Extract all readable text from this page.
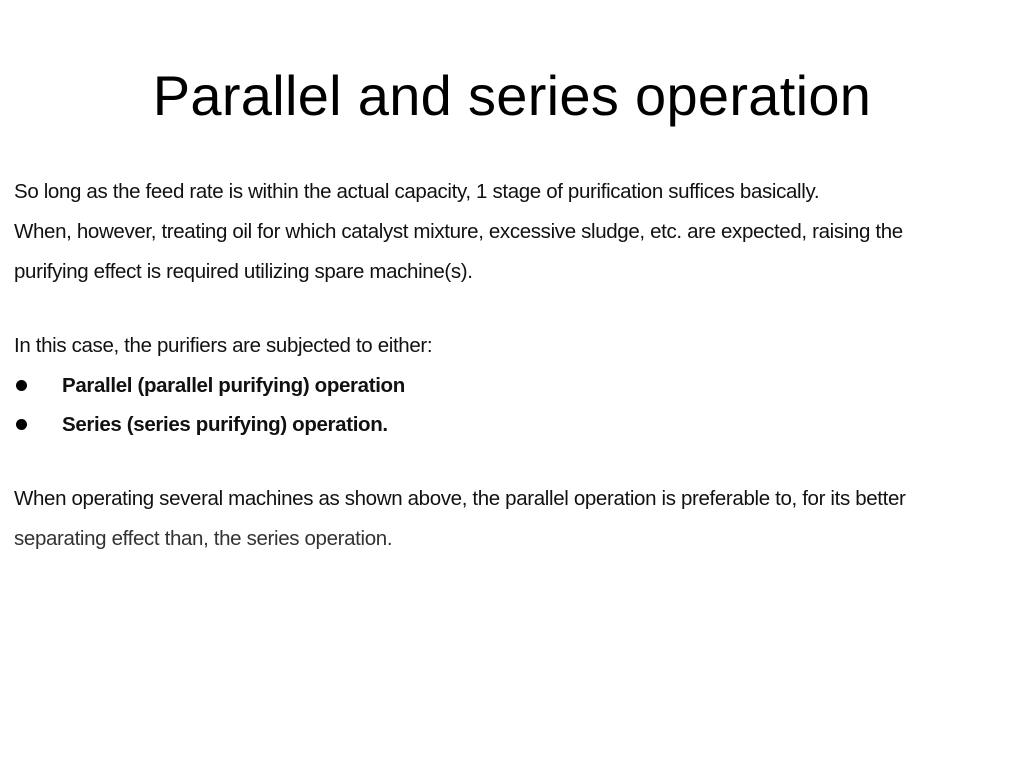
Parallel and series operation
So long as the feed rate is within the actual capacity, 1 stage of purification suffices basically.
When, however, treating oil for which catalyst mixture, excessive sludge, etc. are expected, raising the
purifying effect is required utilizing spare machine(s).
In this case, the purifiers are subjected to either:
Parallel (parallel purifying) operation
Series (series purifying) operation.
When operating several machines as shown above, the parallel operation is preferable to, for its better
separating effect than, the series operation.
